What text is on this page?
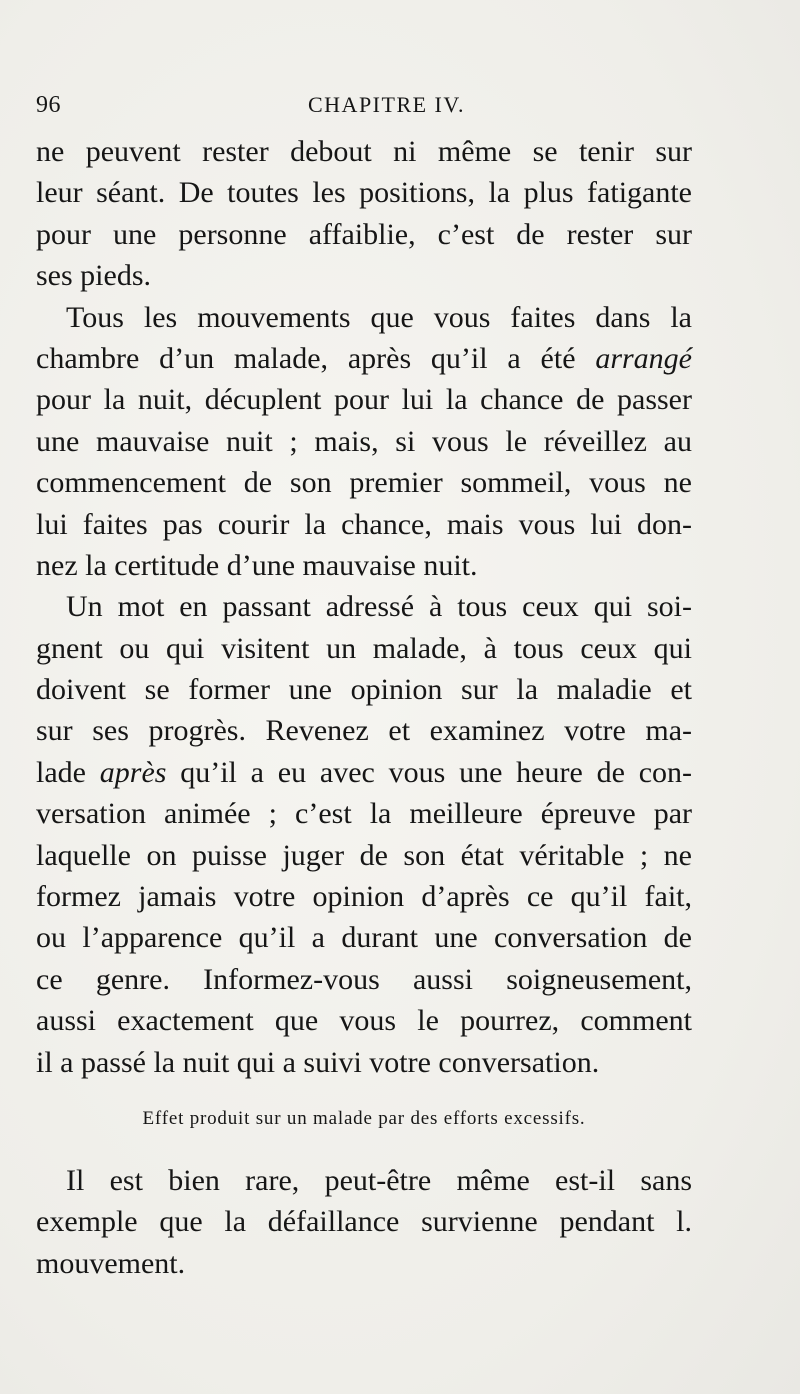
96	CHAPITRE IV.
ne peuvent rester debout ni même se tenir sur
leur séant. De toutes les positions, la plus fatigante
pour une personne affaiblie, c’est de rester sur
ses pieds.
Tous les mouvements que vous faites dans la
chambre d’un malade, après qu’il a été arrangé
pour la nuit, décuplent pour lui la chance de passer
une mauvaise nuit ; mais, si vous le réveillez au
commencement de son premier sommeil, vous ne
lui faites pas courir la chance, mais vous lui don-
nez la certitude d’une mauvaise nuit.
Un mot en passant adressé à tous ceux qui soi-
gnent ou qui visitent un malade, à tous ceux qui
doivent se former une opinion sur la maladie et
sur ses progrès. Revenez et examinez votre ma-
lade après qu’il a eu avec vous une heure de con-
versation animée ; c’est la meilleure épreuve par
laquelle on puisse juger de son état véritable ; ne
formez jamais votre opinion d’après ce qu’il fait,
ou l’apparence qu’il a durant une conversation de
ce genre. Informez-vous aussi soigneusement,
aussi exactement que vous le pourrez, comment
il a passé la nuit qui a suivi votre conversation.
Effet produit sur un malade par des efforts excessifs.
Il est bien rare, peut-être même est-il sans
exemple que la défaillance survienne pendant l.
mouvement.
